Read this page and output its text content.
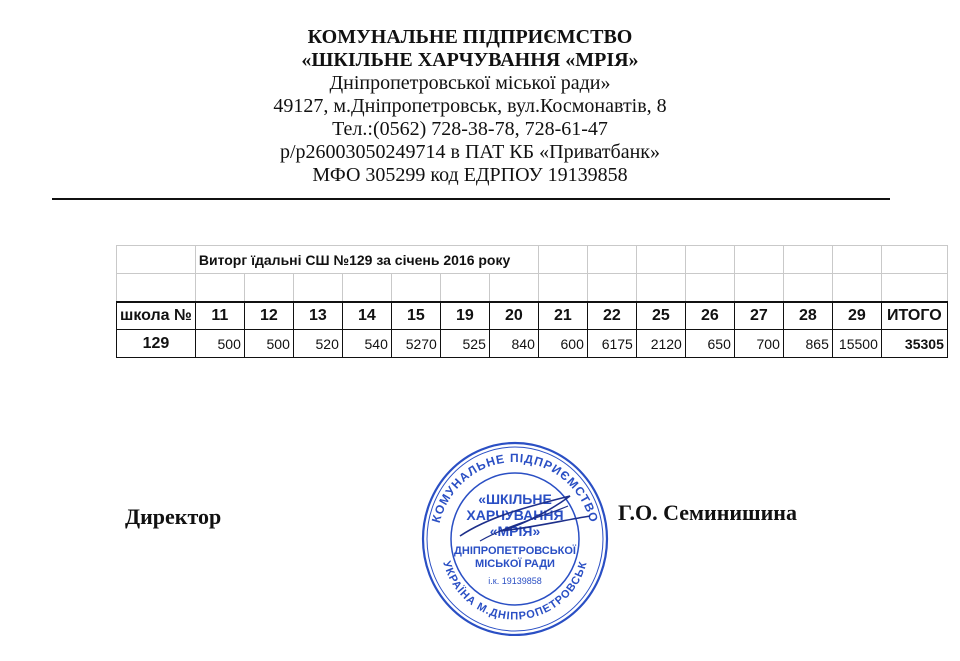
КОМУНАЛЬНЕ ПІДПРИЄМСТВО
«ШКІЛЬНЕ ХАРЧУВАННЯ «МРІЯ»
Дніпропетровської міської ради»
49127, м.Дніпропетровськ, вул.Космонавтів, 8
Тел.:(0562) 728-38-78, 728-61-47
р/р26003050249714 в ПАТ КБ «Приватбанк»
МФО 305299 код ЕДРПОУ 19139858
	Виторг їдальні СШ №129 за січень 2016 року														

школа №	11	12	13	14	15	19	20	21	22	25	26	27	28	29	ИТОГО
129	500	500	520	540	5270	525	840	600	6175	2120	650	700	865	15500	35305
Директор	Г.О. Семинишина
КОМУНАЛЬНЕ ПІДПРИЄМСТВО
УКРАЇНА М.ДНІПРОПЕТРОВСЬК
«ШКІЛЬНЕ
ХАРЧУВАННЯ
«МРІЯ»
ДНІПРОПЕТРОВСЬКОЇ
МІСЬКОЇ РАДИ
і.к. 19139858
